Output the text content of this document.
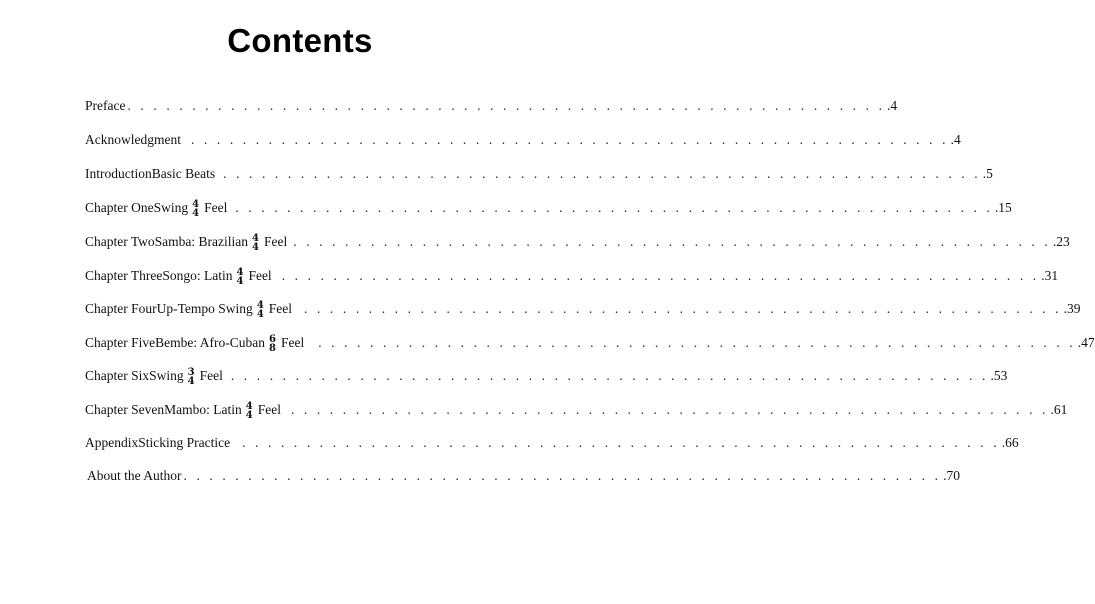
Contents
Preface . . . . . . . . . . . . . . . . . . . . . . . . . . . . . . . . . . . . . . . . . . . . . . . . . . . . . . . . . . . .4
Acknowledgment . . . . . . . . . . . . . . . . . . . . . . . . . . . . . . . . . . . . . . . . . . . . . . . . . . . . . . . . . . . .4
Introduction Basic Beats . . . . . . . . . . . . . . . . . . . . . . . . . . . . . . . . . . . . . . . . . . . . . . . . . . . . . . . . . . . .5
Chapter One Swing 4
4 Feel . . . . . . . . . . . . . . . . . . . . . . . . . . . . . . . . . . . . . . . . . . . . . . . . . . . . . . . . . . . .15
Chapter Two Samba: Brazilian 4
4 Feel . . . . . . . . . . . . . . . . . . . . . . . . . . . . . . . . . . . . . . . . . . . . . . . . . . . . . . . . . . . .23
Chapter Three Songo: Latin 4
4 Feel . . . . . . . . . . . . . . . . . . . . . . . . . . . . . . . . . . . . . . . . . . . . . . . . . . . . . . . . . . . .31
Chapter Four Up-Tempo Swing 4
4 Feel . . . . . . . . . . . . . . . . . . . . . . . . . . . . . . . . . . . . . . . . . . . . . . . . . . . . . . . . . . . .39
Chapter Five Bembe: Afro-Cuban 6
8 Feel . . . . . . . . . . . . . . . . . . . . . . . . . . . . . . . . . . . . . . . . . . . . . . . . . . . . . . . . . . . .47
Chapter Six Swing 3
4 Feel . . . . . . . . . . . . . . . . . . . . . . . . . . . . . . . . . . . . . . . . . . . . . . . . . . . . . . . . . . . .53
Chapter Seven Mambo: Latin 4
4 Feel . . . . . . . . . . . . . . . . . . . . . . . . . . . . . . . . . . . . . . . . . . . . . . . . . . . . . . . . . . . .61
Appendix Sticking Practice . . . . . . . . . . . . . . . . . . . . . . . . . . . . . . . . . . . . . . . . . . . . . . . . . . . . . . . . . . . .66
About the Author . . . . . . . . . . . . . . . . . . . . . . . . . . . . . . . . . . . . . . . . . . . . . . . . . . . . . . . . . . . .70
